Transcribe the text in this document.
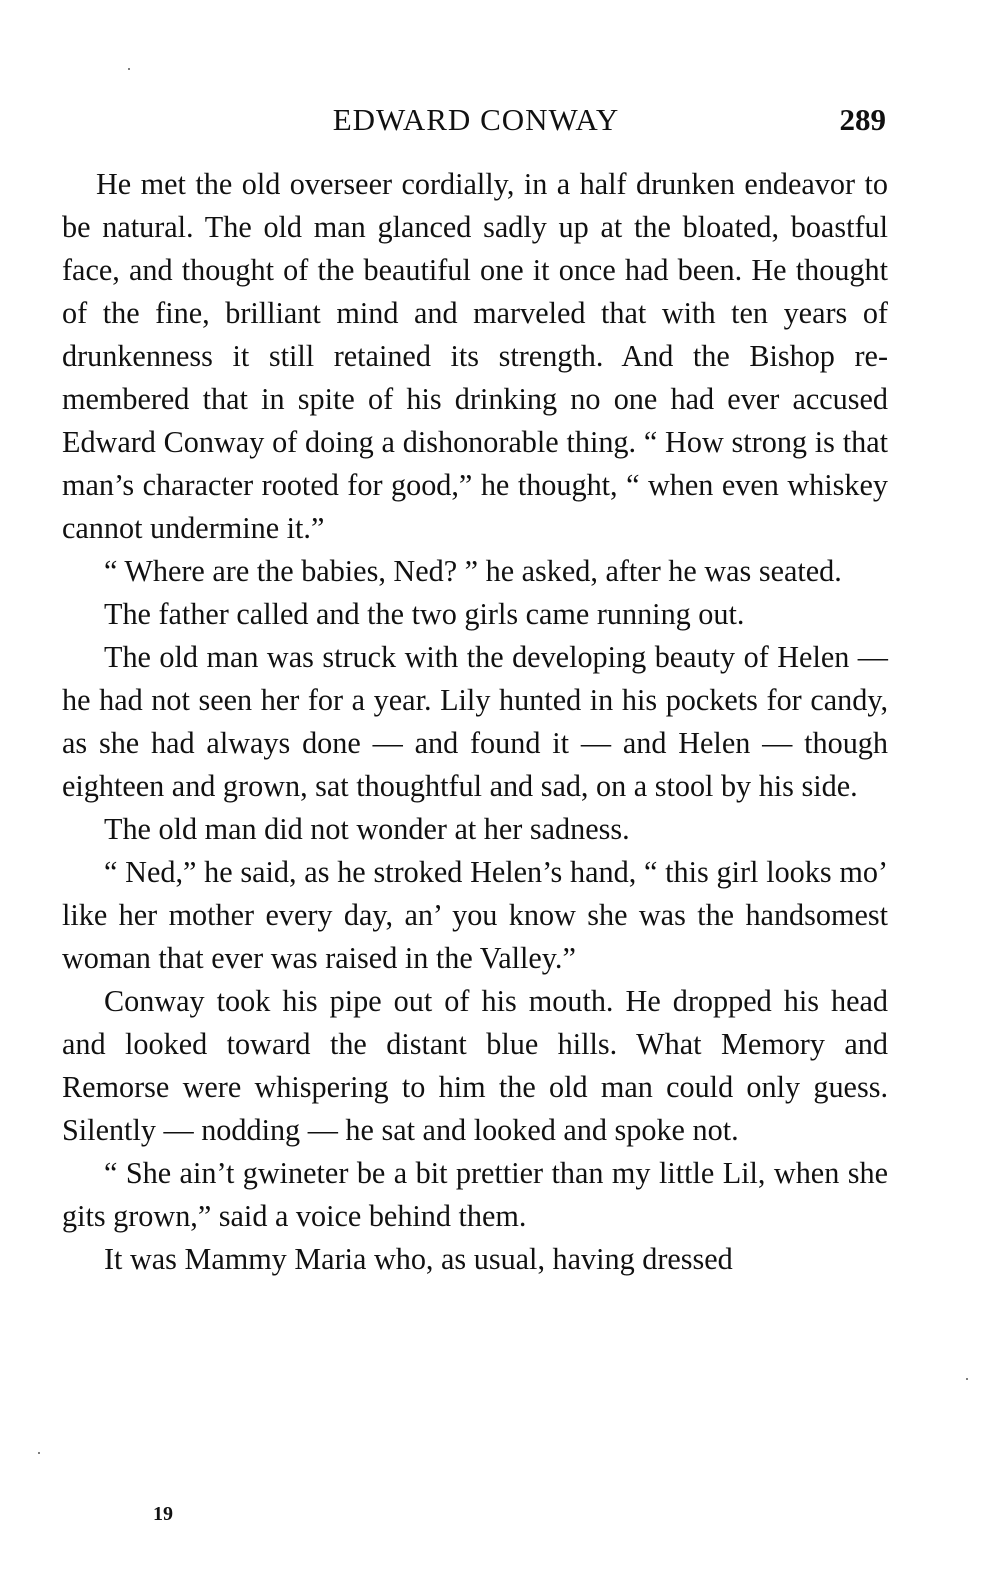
EDWARD CONWAY	289

He met the old overseer cordially, in a half drunken endeavor to be natural. The old man glanced sadly up at the bloated, boastful face, and thought of the beautiful one it once had been. He thought of the fine, brilliant mind and marveled that with ten years of drunkenness it still retained its strength. And the Bishop remembered that in spite of his drinking no one had ever accused Edward Conway of doing a dishonorable thing. “ How strong is that man’s character rooted for good,” he thought, “ when even whiskey cannot undermine it.”

“ Where are the babies, Ned? ” he asked, after he was seated.

The father called and the two girls came running out.

The old man was struck with the developing beauty of Helen — he had not seen her for a year. Lily hunted in his pockets for candy, as she had always done — and found it — and Helen — though eighteen and grown, sat thoughtful and sad, on a stool by his side.

The old man did not wonder at her sadness.

“ Ned,” he said, as he stroked Helen’s hand, “ this girl looks mo’ like her mother every day, an’ you know she was the handsomest woman that ever was raised in the Valley.”

Conway took his pipe out of his mouth. He dropped his head and looked toward the distant blue hills. What Memory and Remorse were whispering to him the old man could only guess. Silently — nodding — he sat and looked and spoke not.

“ She ain’t gwineter be a bit prettier than my little Lil, when she gits grown,” said a voice behind them.

It was Mammy Maria who, as usual, having dressed

19
